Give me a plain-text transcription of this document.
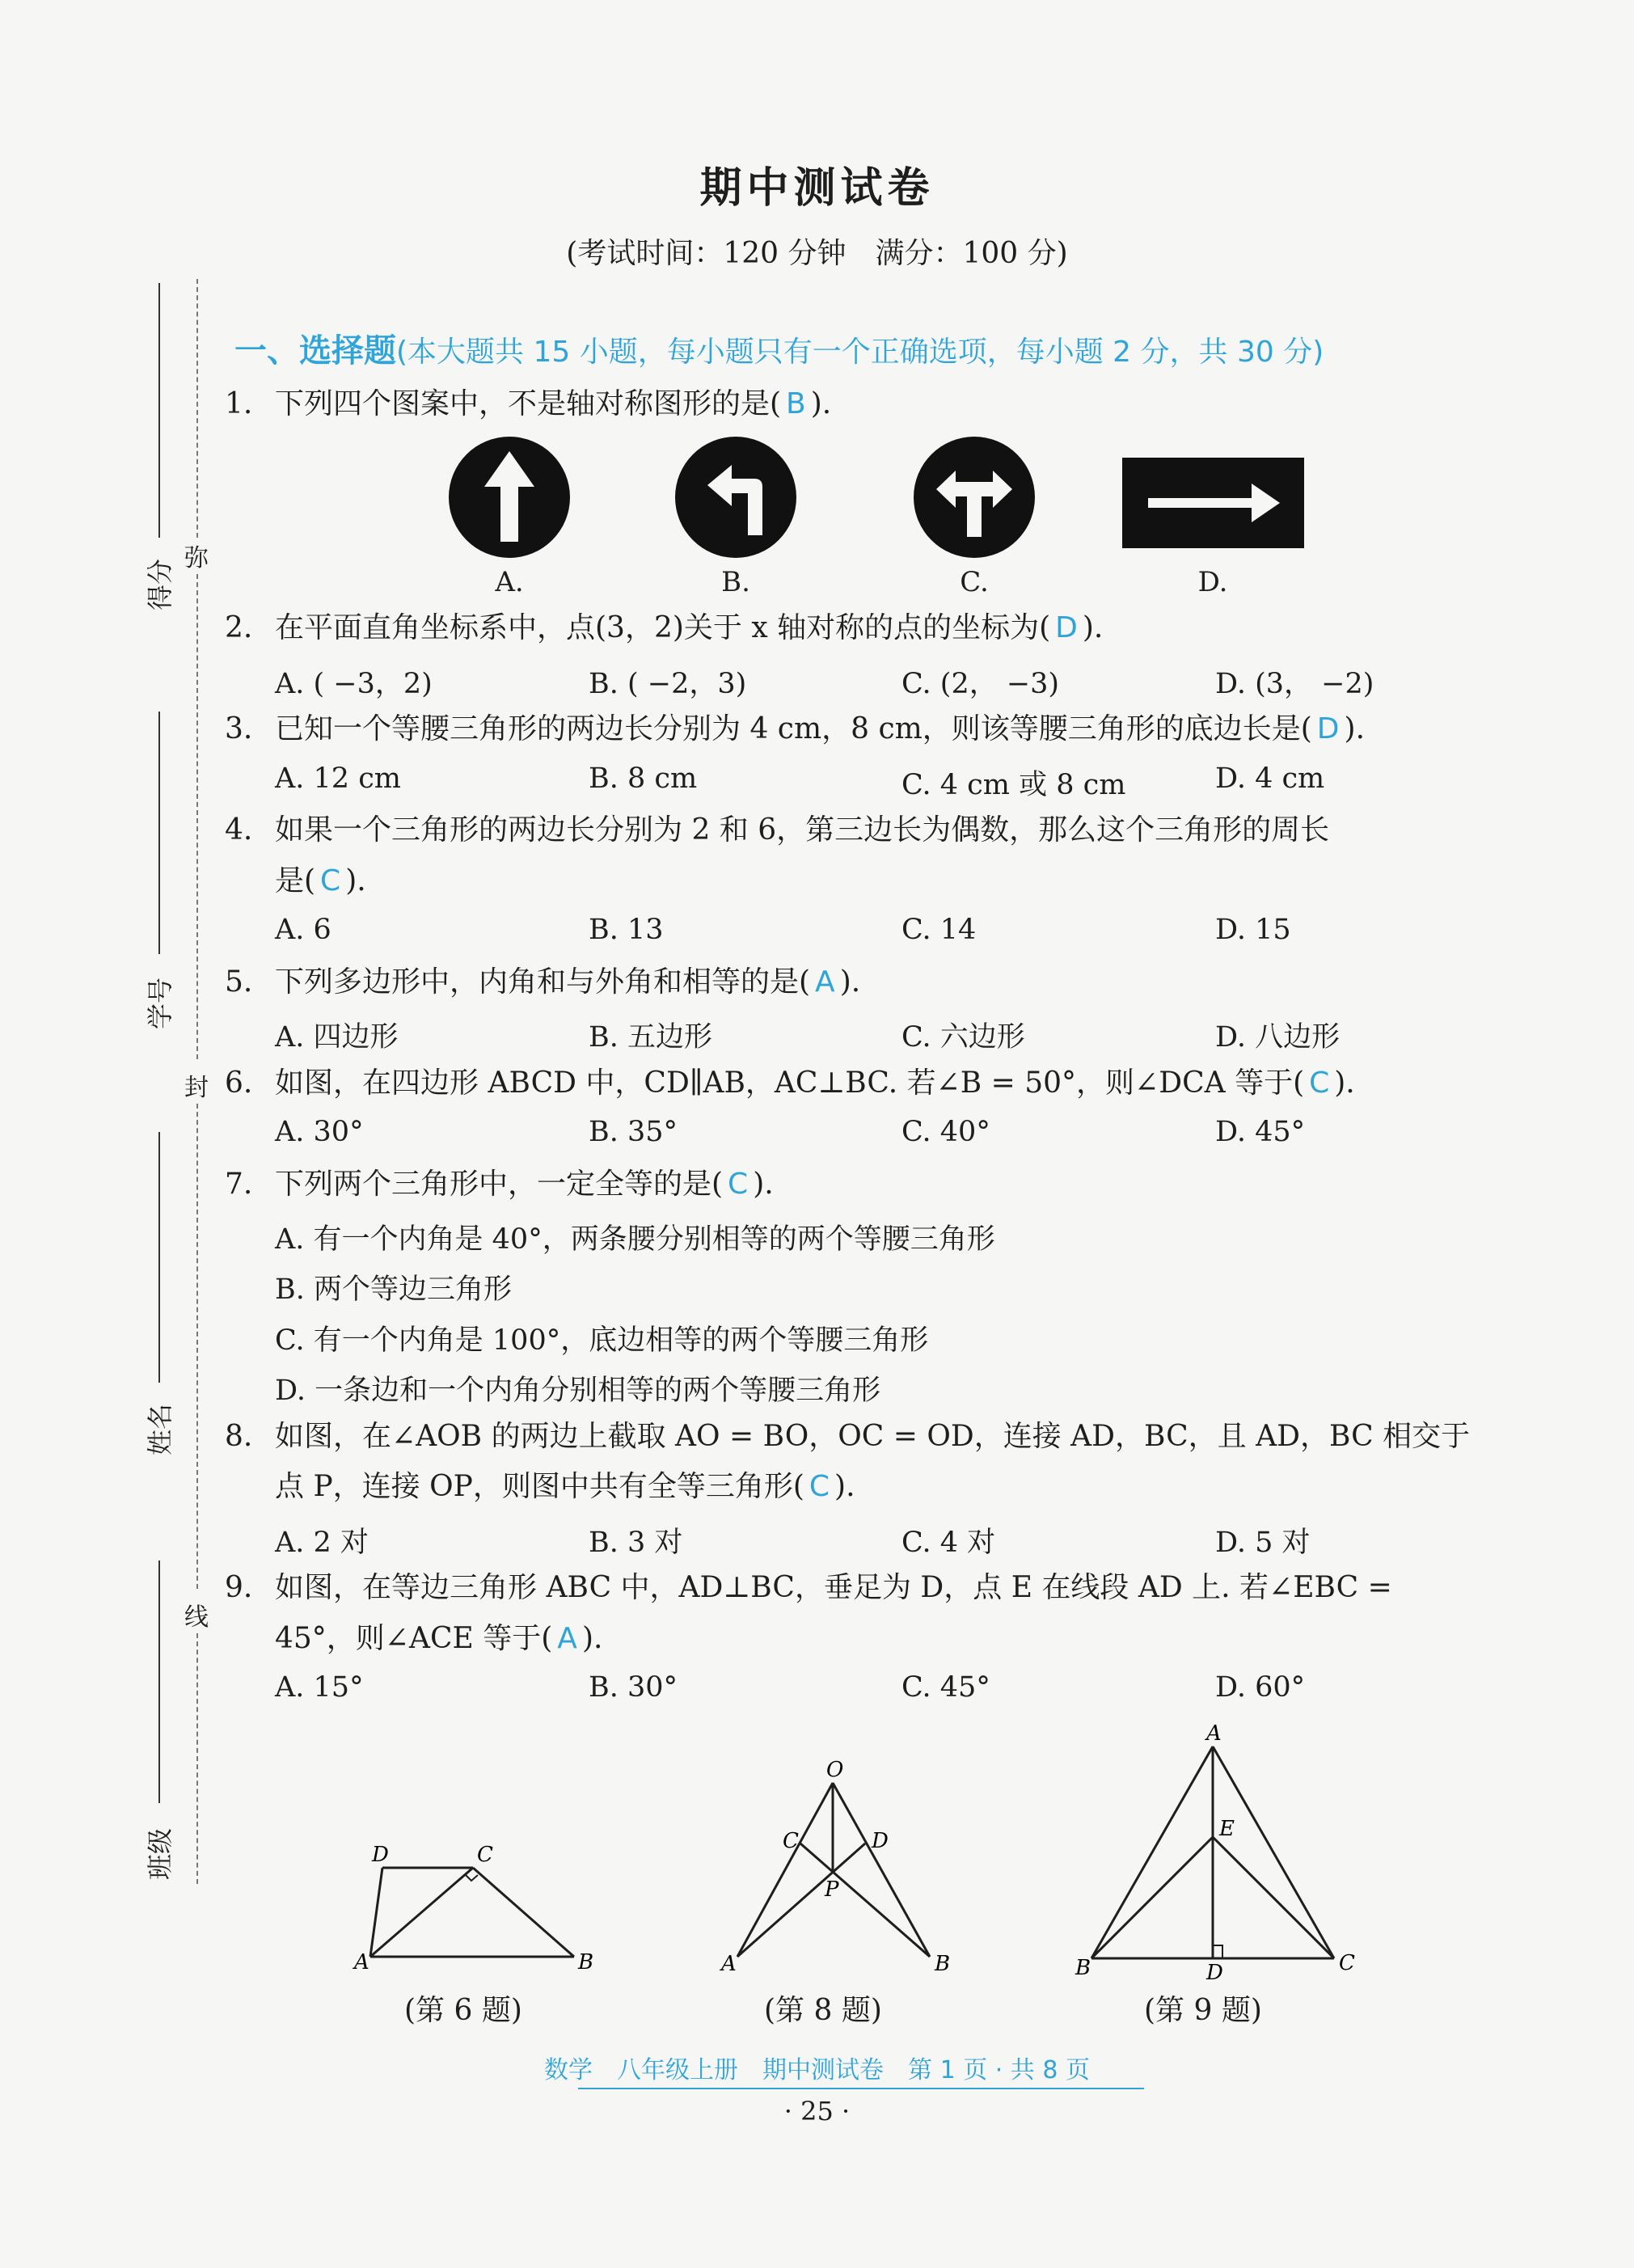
期中测试卷
(考试时间：120 分钟　满分：100 分)
得分
学号
姓名
班级
弥
封
线
一、选择题(本大题共 15 小题，每小题只有一个正确选项，每小题 2 分，共 30 分)
1. 下列四个图案中，不是轴对称图形的是( B ).
A.	B.	C.	D.
2. 在平面直角坐标系中，点(3，2)关于 x 轴对称的点的坐标为( D ).
A. ( −3，2)	B. ( −2，3)	C. (2， −3)	D. (3， −2)
3. 已知一个等腰三角形的两边长分别为 4 cm，8 cm，则该等腰三角形的底边长是( D ).
A. 12 cm	B. 8 cm	C. 4 cm 或 8 cm	D. 4 cm
4. 如果一个三角形的两边长分别为 2 和 6，第三边长为偶数，那么这个三角形的周长
是( C ).
A. 6	B. 13	C. 14	D. 15
5. 下列多边形中，内角和与外角和相等的是( A ).
A. 四边形	B. 五边形	C. 六边形	D. 八边形
6. 如图，在四边形 ABCD 中，CD∥AB，AC⊥BC. 若∠B = 50°，则∠DCA 等于( C ).
A. 30°	B. 35°	C. 40°	D. 45°
7. 下列两个三角形中，一定全等的是( C ).
A. 有一个内角是 40°，两条腰分别相等的两个等腰三角形
B. 两个等边三角形
C. 有一个内角是 100°，底边相等的两个等腰三角形
D. 一条边和一个内角分别相等的两个等腰三角形
8. 如图，在∠AOB 的两边上截取 AO = BO，OC = OD，连接 AD，BC，且 AD，BC 相交于
点 P，连接 OP，则图中共有全等三角形( C ).
A. 2 对	B. 3 对	C. 4 对	D. 5 对
9. 如图，在等边三角形 ABC 中，AD⊥BC，垂足为 D，点 E 在线段 AD 上. 若∠EBC =
45°，则∠ACE 等于( A ).
A. 15°	B. 30°	C. 45°	D. 60°
D	C
A	B
(第 6 题)
O
C	D
P
A	B
(第 8 题)
A
E
B	D	C
(第 9 题)
数学　八年级上册　期中测试卷　第 1 页 · 共 8 页
· 25 ·
